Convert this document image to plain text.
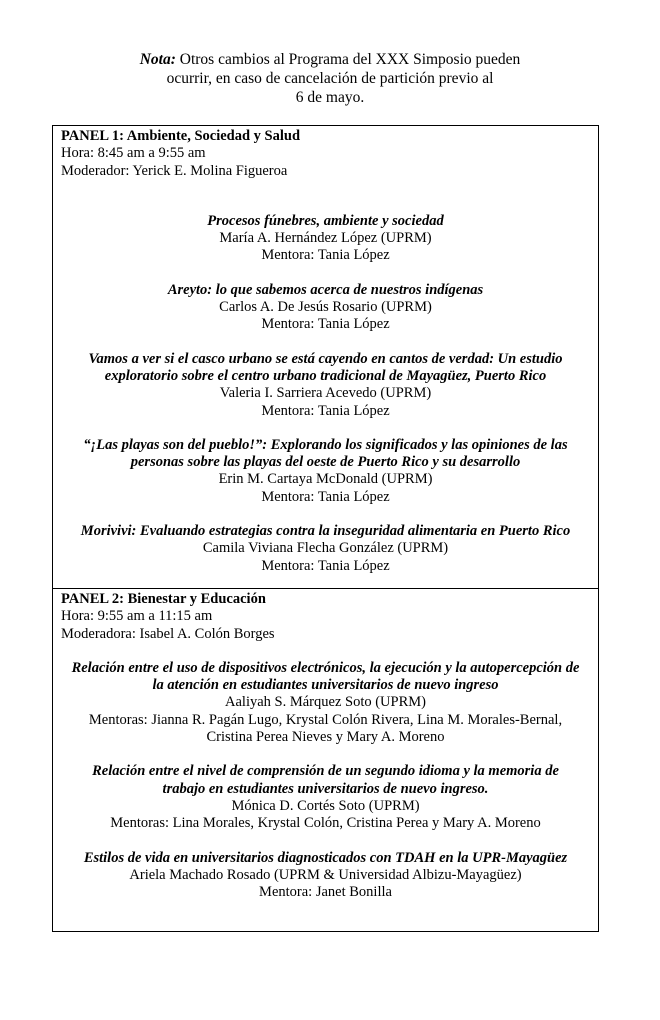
Nota: Otros cambios al Programa del XXX Simposio pueden
ocurrir, en caso de cancelación de partición previo al
6 de mayo.
PANEL 1: Ambiente, Sociedad y Salud
Hora: 8:45 am a 9:55 am
Moderador: Yerick E. Molina Figueroa
Procesos fúnebres, ambiente y sociedad
María A. Hernández López (UPRM)
Mentora: Tania López
Areyto: lo que sabemos acerca de nuestros indígenas
Carlos A. De Jesús Rosario (UPRM)
Mentora: Tania López
Vamos a ver si el casco urbano se está cayendo en cantos de verdad: Un estudio
exploratorio sobre el centro urbano tradicional de Mayagüez, Puerto Rico
Valeria I. Sarriera Acevedo (UPRM)
Mentora: Tania López
“¡Las playas son del pueblo!”: Explorando los significados y las opiniones de las
personas sobre las playas del oeste de Puerto Rico y su desarrollo
Erin M. Cartaya McDonald (UPRM)
Mentora: Tania López
Morivivi: Evaluando estrategias contra la inseguridad alimentaria en Puerto Rico
Camila Viviana Flecha González (UPRM)
Mentora: Tania López
PANEL 2: Bienestar y Educación
Hora: 9:55 am a 11:15 am
Moderadora: Isabel A. Colón Borges
Relación entre el uso de dispositivos electrónicos, la ejecución y la autopercepción de
la atención en estudiantes universitarios de nuevo ingreso
Aaliyah S. Márquez Soto (UPRM)
Mentoras: Jianna R. Pagán Lugo, Krystal Colón Rivera, Lina M. Morales-Bernal,
Cristina Perea Nieves y Mary A. Moreno
Relación entre el nivel de comprensión de un segundo idioma y la memoria de
trabajo en estudiantes universitarios de nuevo ingreso.
Mónica D. Cortés Soto (UPRM)
Mentoras: Lina Morales, Krystal Colón, Cristina Perea y Mary A. Moreno
Estilos de vida en universitarios diagnosticados con TDAH en la UPR-Mayagüez
Ariela Machado Rosado (UPRM & Universidad Albizu-Mayagüez)
Mentora: Janet Bonilla
